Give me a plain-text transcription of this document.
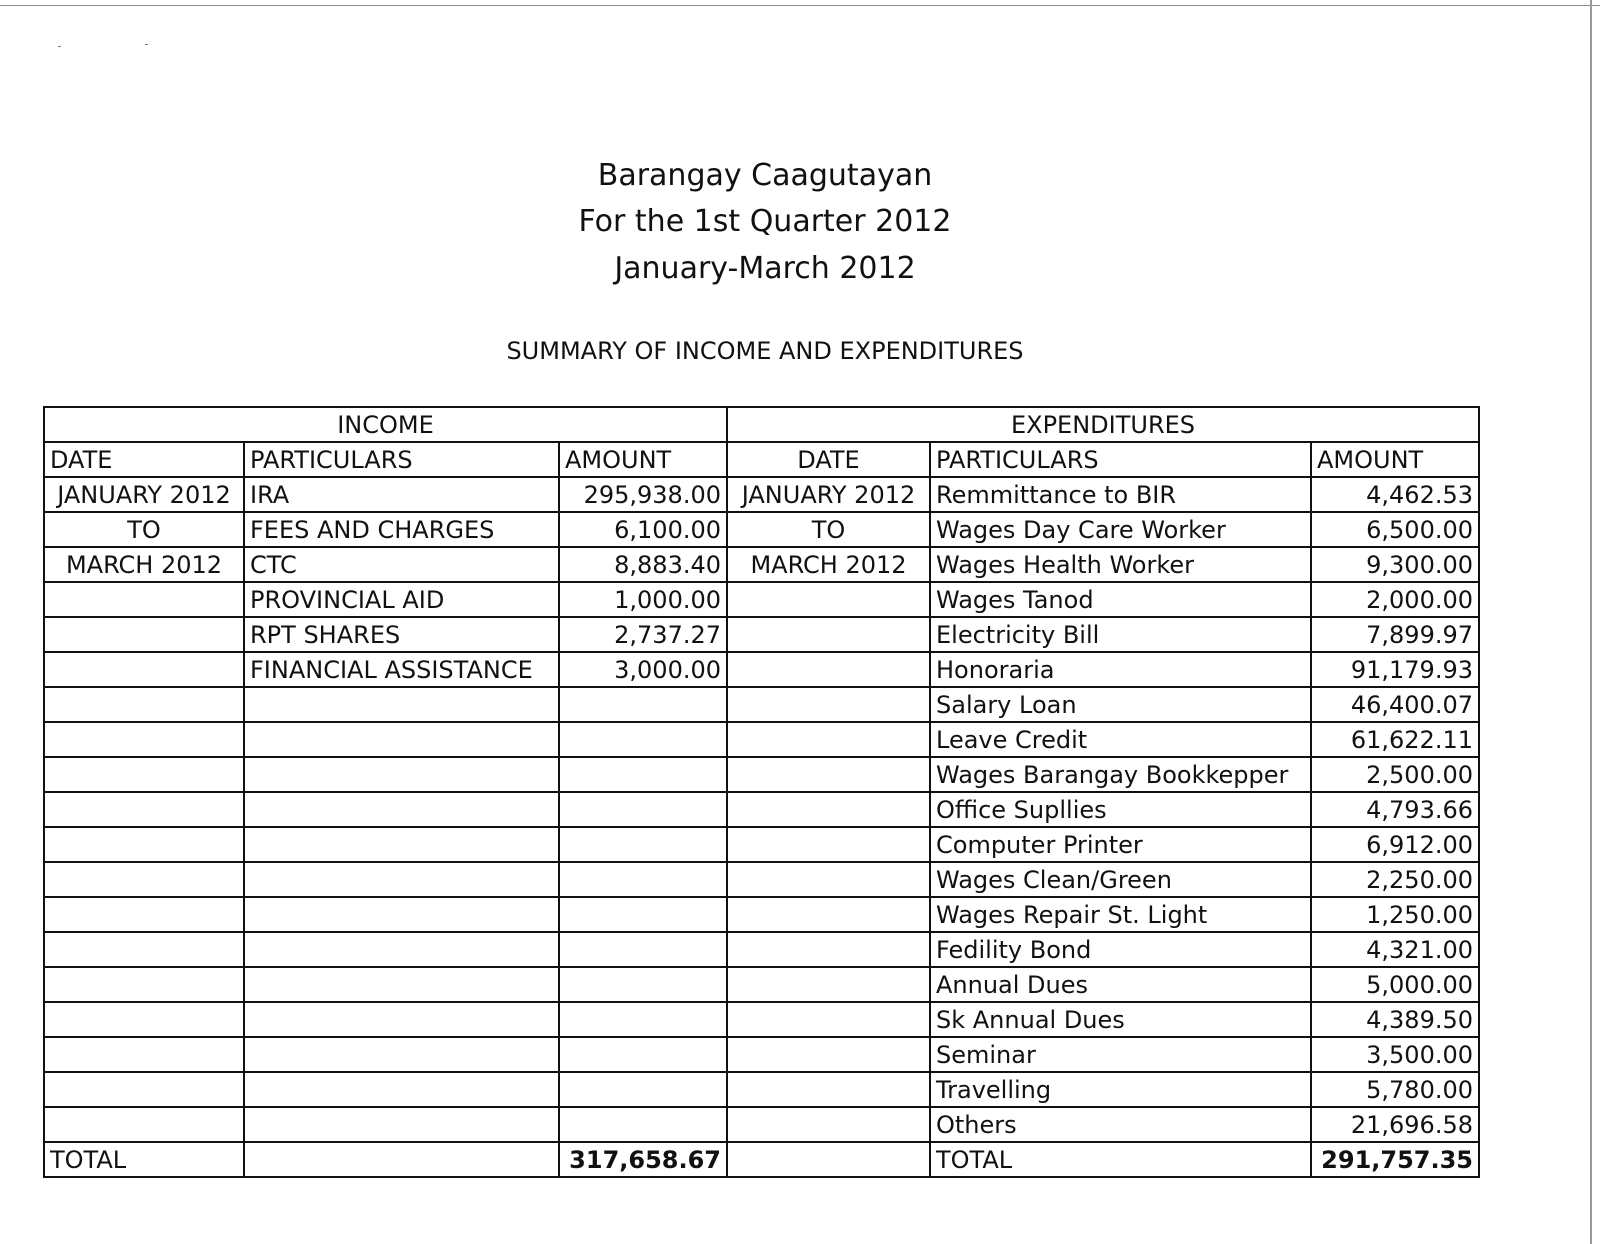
Barangay Caagutayan
For the 1st Quarter 2012
January-March 2012
SUMMARY OF INCOME AND EXPENDITURES
INCOME			EXPENDITURES		
DATE	PARTICULARS	AMOUNT	DATE	PARTICULARS	AMOUNT
JANUARY 2012	IRA	295,938.00	JANUARY 2012	Remmittance to BIR	4,462.53
TO	FEES AND CHARGES	6,100.00	TO	Wages Day Care Worker	6,500.00
MARCH 2012	CTC	8,883.40	MARCH 2012	Wages Health Worker	9,300.00
	PROVINCIAL AID	1,000.00		Wages Tanod	2,000.00
	RPT SHARES	2,737.27		Electricity Bill	7,899.97
	FINANCIAL ASSISTANCE	3,000.00		Honoraria	91,179.93
				Salary Loan	46,400.07
				Leave Credit	61,622.11
				Wages Barangay Bookkepper	2,500.00
				Office Supllies	4,793.66
				Computer Printer	6,912.00
				Wages Clean/Green	2,250.00
				Wages Repair St. Light	1,250.00
				Fedility Bond	4,321.00
				Annual Dues	5,000.00
				Sk Annual Dues	4,389.50
				Seminar	3,500.00
				Travelling	5,780.00
				Others	21,696.58
TOTAL		317,658.67		TOTAL	291,757.35
